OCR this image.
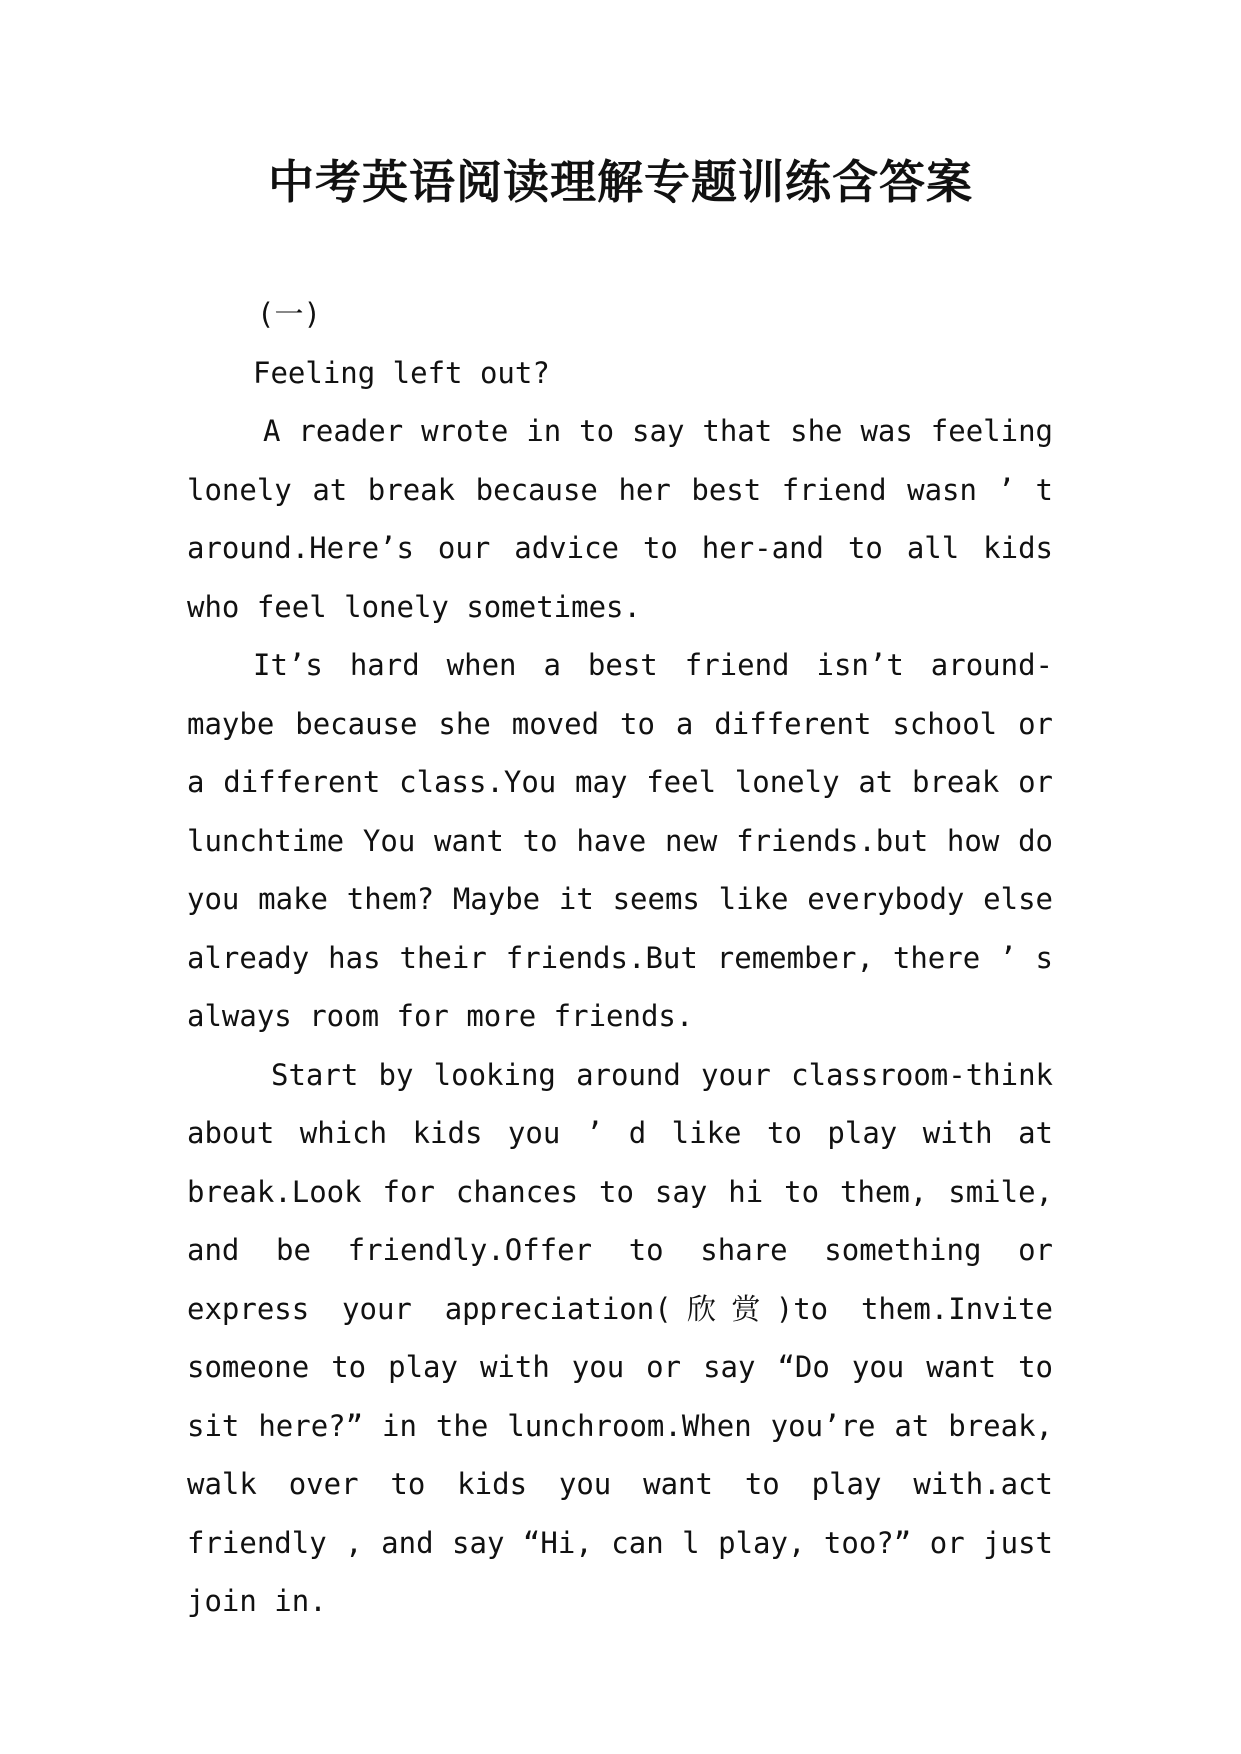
中考英语阅读理解专题训练含答案

(一)

Feeling left out?

A reader wrote in to say that she was feeling lonely at break because her best friend wasn ’ t around.Here’s our advice to her-and to all kids who feel lonely sometimes.

It’s hard when a best friend isn’t around-maybe because she moved to a different school or a different class.You may feel lonely at break or lunchtime You want to have new friends.but how do you make them? Maybe it seems like everybody else already has their friends.But remember, there ’ s always room for more friends.

Start by looking around your classroom-think about which kids you ’ d like to play with at break.Look for chances to say hi to them, smile, and be friendly.Offer to share something or express your appreciation(欣赏)to them.Invite someone to play with you or say “Do you want to sit here?” in the lunchroom.When you’re at break, walk over to kids you want to play with.act friendly , and say “Hi, can l play, too?” or just join in.
